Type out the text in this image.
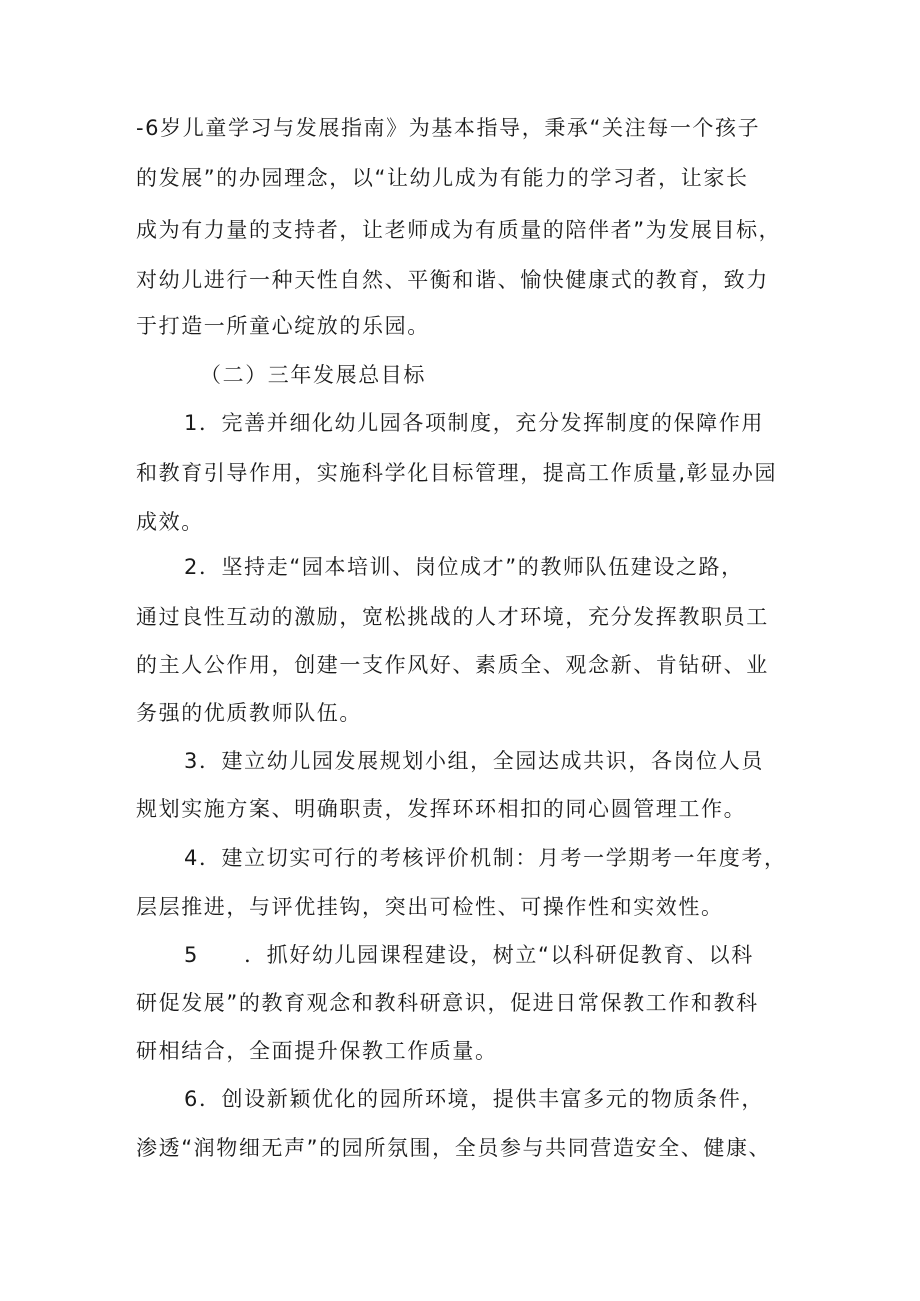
-6岁儿童学习与发展指南》为基本指导，秉承“关注每一个孩子
的发展”的办园理念，以“让幼儿成为有能力的学习者，让家长
成为有力量的支持者，让老师成为有质量的陪伴者”为发展目标，
对幼儿进行一种天性自然、平衡和谐、愉快健康式的教育，致力
于打造一所童心绽放的乐园。
（二）三年发展总目标
1．完善并细化幼儿园各项制度，充分发挥制度的保障作用
和教育引导作用，实施科学化目标管理，提高工作质量,彰显办园
成效。
2．坚持走“园本培训、岗位成才”的教师队伍建设之路，
通过良性互动的激励，宽松挑战的人才环境，充分发挥教职员工
的主人公作用，创建一支作风好、素质全、观念新、肯钻研、业
务强的优质教师队伍。
3．建立幼儿园发展规划小组，全园达成共识，各岗位人员
规划实施方案、明确职责，发挥环环相扣的同心圆管理工作。
4．建立切实可行的考核评价机制：月考一学期考一年度考，
层层推进，与评优挂钩，突出可检性、可操作性和实效性。
5　　．抓好幼儿园课程建设，树立“以科研促教育、以科
研促发展”的教育观念和教科研意识，促进日常保教工作和教科
研相结合，全面提升保教工作质量。
6．创设新颖优化的园所环境，提供丰富多元的物质条件，
渗透“润物细无声”的园所氛围，全员参与共同营造安全、健康、
